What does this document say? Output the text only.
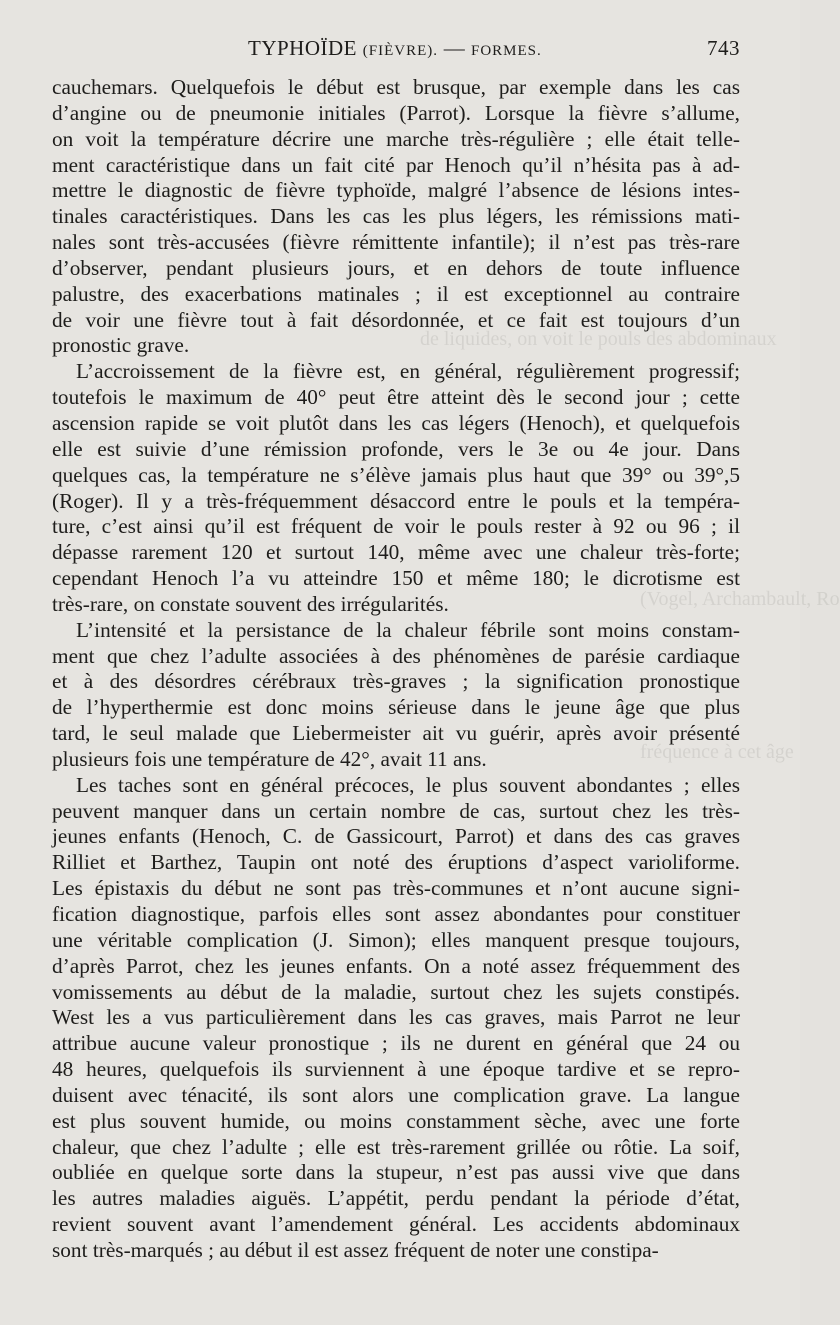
TYPHOÏDE (FIÈVRE). — FORMES.	743
de liquides, on voit le pouls des abdominaux
(Vogel, Archambault, Ro
fréquence à cet âge
cauchemars. Quelquefois le début est brusque, par exemple dans les cas
d’angine ou de pneumonie initiales (Parrot). Lorsque la fièvre s’allume,
on voit la température décrire une marche très-régulière ; elle était telle-
ment caractéristique dans un fait cité par Henoch qu’il n’hésita pas à ad-
mettre le diagnostic de fièvre typhoïde, malgré l’absence de lésions intes-
tinales caractéristiques. Dans les cas les plus légers, les rémissions mati-
nales sont très-accusées (fièvre rémittente infantile); il n’est pas très-rare
d’observer, pendant plusieurs jours, et en dehors de toute influence
palustre, des exacerbations matinales ; il est exceptionnel au contraire
de voir une fièvre tout à fait désordonnée, et ce fait est toujours d’un
pronostic grave.
L’accroissement de la fièvre est, en général, régulièrement progressif;
toutefois le maximum de 40° peut être atteint dès le second jour ; cette
ascension rapide se voit plutôt dans les cas légers (Henoch), et quelquefois
elle est suivie d’une rémission profonde, vers le 3e ou 4e jour. Dans
quelques cas, la température ne s’élève jamais plus haut que 39° ou 39°,5
(Roger). Il y a très-fréquemment désaccord entre le pouls et la tempéra-
ture, c’est ainsi qu’il est fréquent de voir le pouls rester à 92 ou 96 ; il
dépasse rarement 120 et surtout 140, même avec une chaleur très-forte;
cependant Henoch l’a vu atteindre 150 et même 180; le dicrotisme est
très-rare, on constate souvent des irrégularités.
L’intensité et la persistance de la chaleur fébrile sont moins constam-
ment que chez l’adulte associées à des phénomènes de parésie cardiaque
et à des désordres cérébraux très-graves ; la signification pronostique
de l’hyperthermie est donc moins sérieuse dans le jeune âge que plus
tard, le seul malade que Liebermeister ait vu guérir, après avoir présenté
plusieurs fois une température de 42°, avait 11 ans.
Les taches sont en général précoces, le plus souvent abondantes ; elles
peuvent manquer dans un certain nombre de cas, surtout chez les très-
jeunes enfants (Henoch, C. de Gassicourt, Parrot) et dans des cas graves
Rilliet et Barthez, Taupin ont noté des éruptions d’aspect varioliforme.
Les épistaxis du début ne sont pas très-communes et n’ont aucune signi-
fication diagnostique, parfois elles sont assez abondantes pour constituer
une véritable complication (J. Simon); elles manquent presque toujours,
d’après Parrot, chez les jeunes enfants. On a noté assez fréquemment des
vomissements au début de la maladie, surtout chez les sujets constipés.
West les a vus particulièrement dans les cas graves, mais Parrot ne leur
attribue aucune valeur pronostique ; ils ne durent en général que 24 ou
48 heures, quelquefois ils surviennent à une époque tardive et se repro-
duisent avec ténacité, ils sont alors une complication grave. La langue
est plus souvent humide, ou moins constamment sèche, avec une forte
chaleur, que chez l’adulte ; elle est très-rarement grillée ou rôtie. La soif,
oubliée en quelque sorte dans la stupeur, n’est pas aussi vive que dans
les autres maladies aiguës. L’appétit, perdu pendant la période d’état,
revient souvent avant l’amendement général. Les accidents abdominaux
sont très-marqués ; au début il est assez fréquent de noter une constipa-
